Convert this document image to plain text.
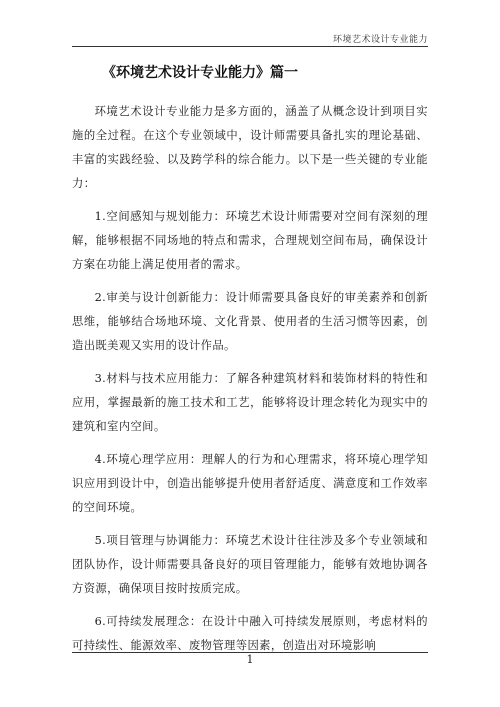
环境艺术设计专业能力
《环境艺术设计专业能力》篇一

环境艺术设计专业能力是多方面的，涵盖了从概念设计到项目实施的全过程。在这个专业领域中，设计师需要具备扎实的理论基础、丰富的实践经验、以及跨学科的综合能力。以下是一些关键的专业能力：

1.空间感知与规划能力：环境艺术设计师需要对空间有深刻的理解，能够根据不同场地的特点和需求，合理规划空间布局，确保设计方案在功能上满足使用者的需求。

2.审美与设计创新能力：设计师需要具备良好的审美素养和创新思维，能够结合场地环境、文化背景、使用者的生活习惯等因素，创造出既美观又实用的设计作品。

3.材料与技术应用能力：了解各种建筑材料和装饰材料的特性和应用，掌握最新的施工技术和工艺，能够将设计理念转化为现实中的建筑和室内空间。

4.环境心理学应用：理解人的行为和心理需求，将环境心理学知识应用到设计中，创造出能够提升使用者舒适度、满意度和工作效率的空间环境。

5.项目管理与协调能力：环境艺术设计往往涉及多个专业领域和团队协作，设计师需要具备良好的项目管理能力，能够有效地协调各方资源，确保项目按时按质完成。

6.可持续发展理念：在设计中融入可持续发展原则，考虑材料的可持续性、能源效率、废物管理等因素，创造出对环境影响

1
